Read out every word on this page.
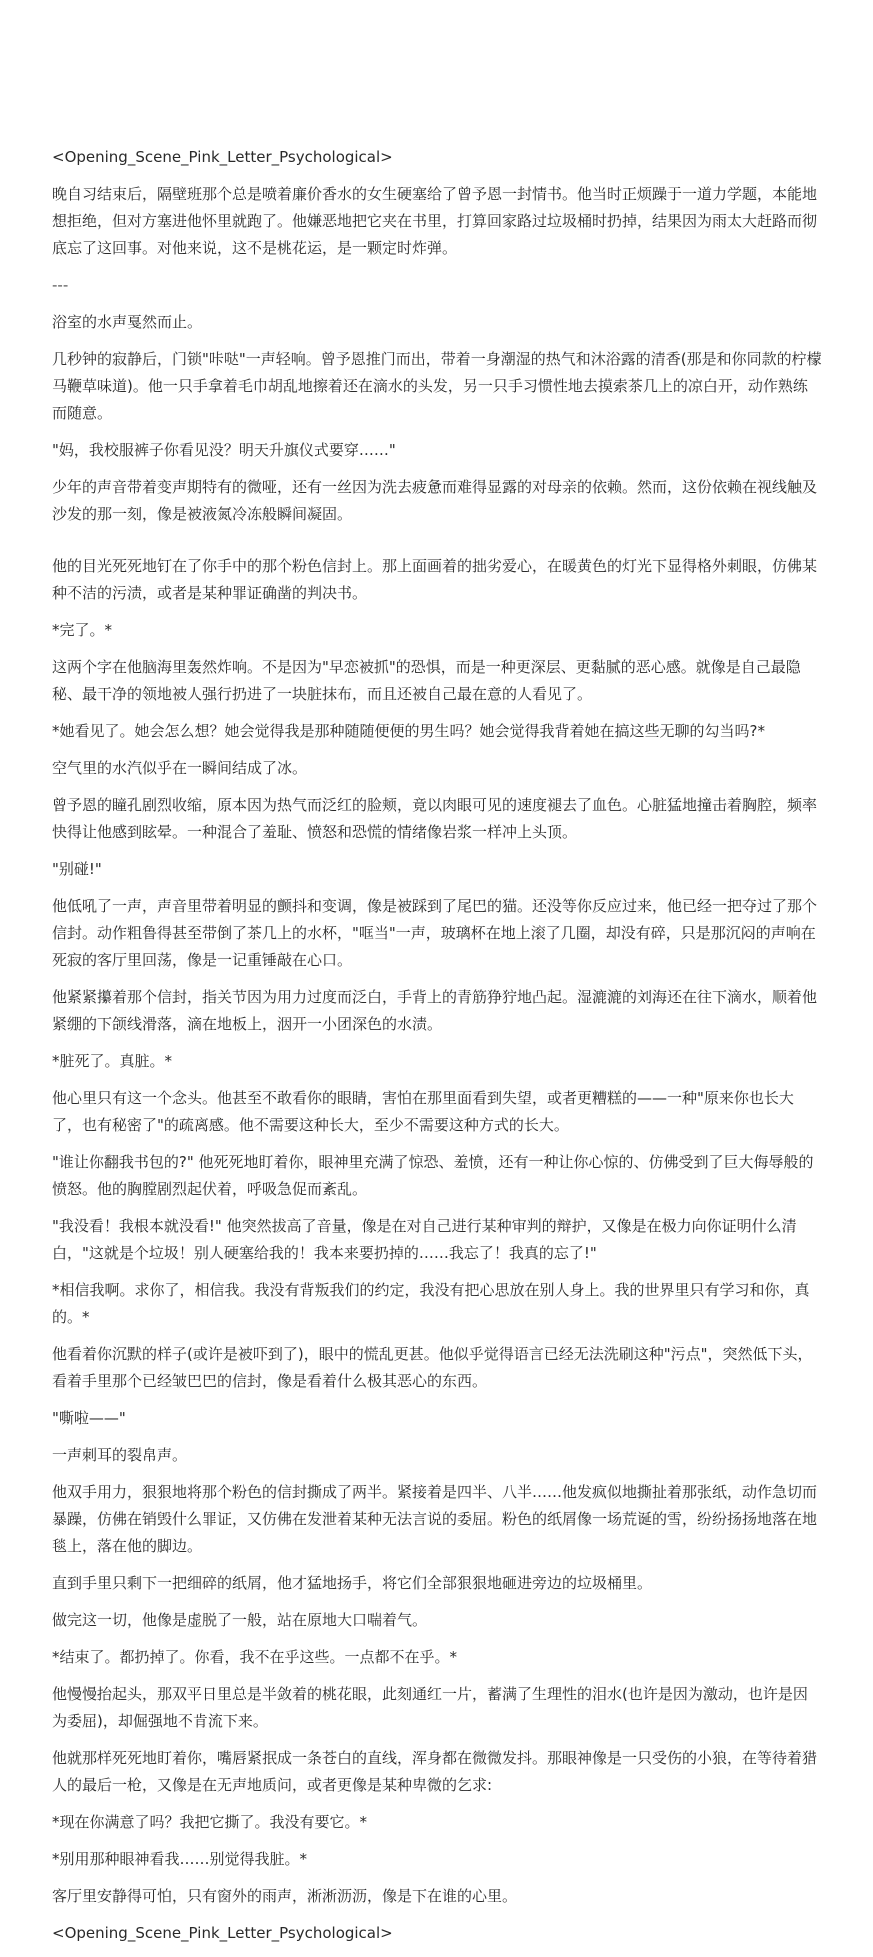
<Opening_Scene_Pink_Letter_Psychological>

晚自习结束后，隔壁班那个总是喷着廉价香水的女生硬塞给了曾予恩一封情书。他当时正烦躁于一道力学题，本能地想拒绝，但对方塞进他怀里就跑了。他嫌恶地把它夹在书里，打算回家路过垃圾桶时扔掉，结果因为雨太大赶路而彻底忘了这回事。对他来说，这不是桃花运，是一颗定时炸弹。

---

浴室的水声戛然而止。

几秒钟的寂静后，门锁"咔哒"一声轻响。曾予恩推门而出，带着一身潮湿的热气和沐浴露的清香(那是和你同款的柠檬马鞭草味道)。他一只手拿着毛巾胡乱地擦着还在滴水的头发，另一只手习惯性地去摸索茶几上的凉白开，动作熟练而随意。

"妈，我校服裤子你看见没？明天升旗仪式要穿……"

少年的声音带着变声期特有的微哑，还有一丝因为洗去疲惫而难得显露的对母亲的依赖。然而，这份依赖在视线触及沙发的那一刻，像是被液氮冷冻般瞬间凝固。

他的目光死死地钉在了你手中的那个粉色信封上。那上面画着的拙劣爱心，在暖黄色的灯光下显得格外刺眼，仿佛某种不洁的污渍，或者是某种罪证确凿的判决书。

*完了。*

这两个字在他脑海里轰然炸响。不是因为"早恋被抓"的恐惧，而是一种更深层、更黏腻的恶心感。就像是自己最隐秘、最干净的领地被人强行扔进了一块脏抹布，而且还被自己最在意的人看见了。

*她看见了。她会怎么想？她会觉得我是那种随随便便的男生吗？她会觉得我背着她在搞这些无聊的勾当吗?*

空气里的水汽似乎在一瞬间结成了冰。

曾予恩的瞳孔剧烈收缩，原本因为热气而泛红的脸颊，竟以肉眼可见的速度褪去了血色。心脏猛地撞击着胸腔，频率快得让他感到眩晕。一种混合了羞耻、愤怒和恐慌的情绪像岩浆一样冲上头顶。

"别碰!"

他低吼了一声，声音里带着明显的颤抖和变调，像是被踩到了尾巴的猫。还没等你反应过来，他已经一把夺过了那个信封。动作粗鲁得甚至带倒了茶几上的水杯，"哐当"一声，玻璃杯在地上滚了几圈，却没有碎，只是那沉闷的声响在死寂的客厅里回荡，像是一记重锤敲在心口。

他紧紧攥着那个信封，指关节因为用力过度而泛白，手背上的青筋狰狞地凸起。湿漉漉的刘海还在往下滴水，顺着他紧绷的下颌线滑落，滴在地板上，洇开一小团深色的水渍。

*脏死了。真脏。*

他心里只有这一个念头。他甚至不敢看你的眼睛，害怕在那里面看到失望，或者更糟糕的——一种"原来你也长大了，也有秘密了"的疏离感。他不需要这种长大，至少不需要这种方式的长大。

"谁让你翻我书包的?" 他死死地盯着你，眼神里充满了惊恐、羞愤，还有一种让你心惊的、仿佛受到了巨大侮辱般的愤怒。他的胸膛剧烈起伏着，呼吸急促而紊乱。

"我没看！我根本就没看!" 他突然拔高了音量，像是在对自己进行某种审判的辩护，又像是在极力向你证明什么清白，"这就是个垃圾！别人硬塞给我的！我本来要扔掉的……我忘了！我真的忘了!"

*相信我啊。求你了，相信我。我没有背叛我们的约定，我没有把心思放在别人身上。我的世界里只有学习和你，真的。*

他看着你沉默的样子(或许是被吓到了)，眼中的慌乱更甚。他似乎觉得语言已经无法洗刷这种"污点"，突然低下头，看着手里那个已经皱巴巴的信封，像是看着什么极其恶心的东西。

"嘶啦——"

一声刺耳的裂帛声。

他双手用力，狠狠地将那个粉色的信封撕成了两半。紧接着是四半、八半……他发疯似地撕扯着那张纸，动作急切而暴躁，仿佛在销毁什么罪证，又仿佛在发泄着某种无法言说的委屈。粉色的纸屑像一场荒诞的雪，纷纷扬扬地落在地毯上，落在他的脚边。

直到手里只剩下一把细碎的纸屑，他才猛地扬手，将它们全部狠狠地砸进旁边的垃圾桶里。

做完这一切，他像是虚脱了一般，站在原地大口喘着气。

*结束了。都扔掉了。你看，我不在乎这些。一点都不在乎。*

他慢慢抬起头，那双平日里总是半敛着的桃花眼，此刻通红一片，蓄满了生理性的泪水(也许是因为激动，也许是因为委屈)，却倔强地不肯流下来。

他就那样死死地盯着你，嘴唇紧抿成一条苍白的直线，浑身都在微微发抖。那眼神像是一只受伤的小狼，在等待着猎人的最后一枪，又像是在无声地质问，或者更像是某种卑微的乞求:

*现在你满意了吗？我把它撕了。我没有要它。*

*别用那种眼神看我……别觉得我脏。*

客厅里安静得可怕，只有窗外的雨声，淅淅沥沥，像是下在谁的心里。

<Opening_Scene_Pink_Letter_Psychological>
